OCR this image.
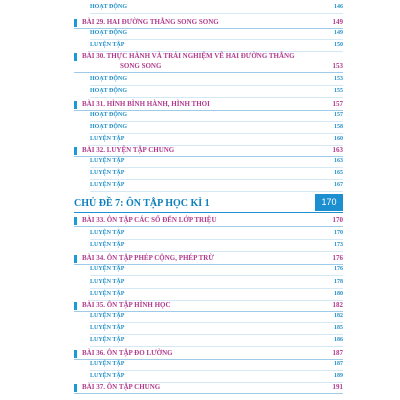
HOẠT ĐỘNG	146
BÀI 29. HAI ĐƯỜNG THẲNG SONG SONG	149
HOẠT ĐỘNG	149
LUYỆN TẬP	150
BÀI 30. THỰC HÀNH VÀ TRẢI NGHIỆM VẼ HAI ĐƯỜNG THẲNG
SONG SONG	153
HOẠT ĐỘNG	153
HOẠT ĐỘNG	155
BÀI 31. HÌNH BÌNH HÀNH, HÌNH THOI	157
HOẠT ĐỘNG	157
HOẠT ĐỘNG	158
LUYỆN TẬP	160
BÀI 32. LUYỆN TẬP CHUNG	163
LUYỆN TẬP	163
LUYỆN TẬP	165
LUYỆN TẬP	167
CHỦ ĐỀ 7: ÔN TẬP HỌC KÌ 1	170
BÀI 33. ÔN TẬP CÁC SỐ ĐẾN LỚP TRIỆU	170
LUYỆN TẬP	170
LUYỆN TẬP	173
BÀI 34. ÔN TẬP PHÉP CỘNG, PHÉP TRỪ	176
LUYỆN TẬP	176
LUYỆN TẬP	178
LUYỆN TẬP	180
BÀI 35. ÔN TẬP HÌNH HỌC	182
LUYỆN TẬP	182
LUYỆN TẬP	185
LUYỆN TẬP	186
BÀI 36. ÔN TẬP ĐO LƯỜNG	187
LUYỆN TẬP	187
LUYỆN TẬP	189
BÀI 37. ÔN TẬP CHUNG	191
